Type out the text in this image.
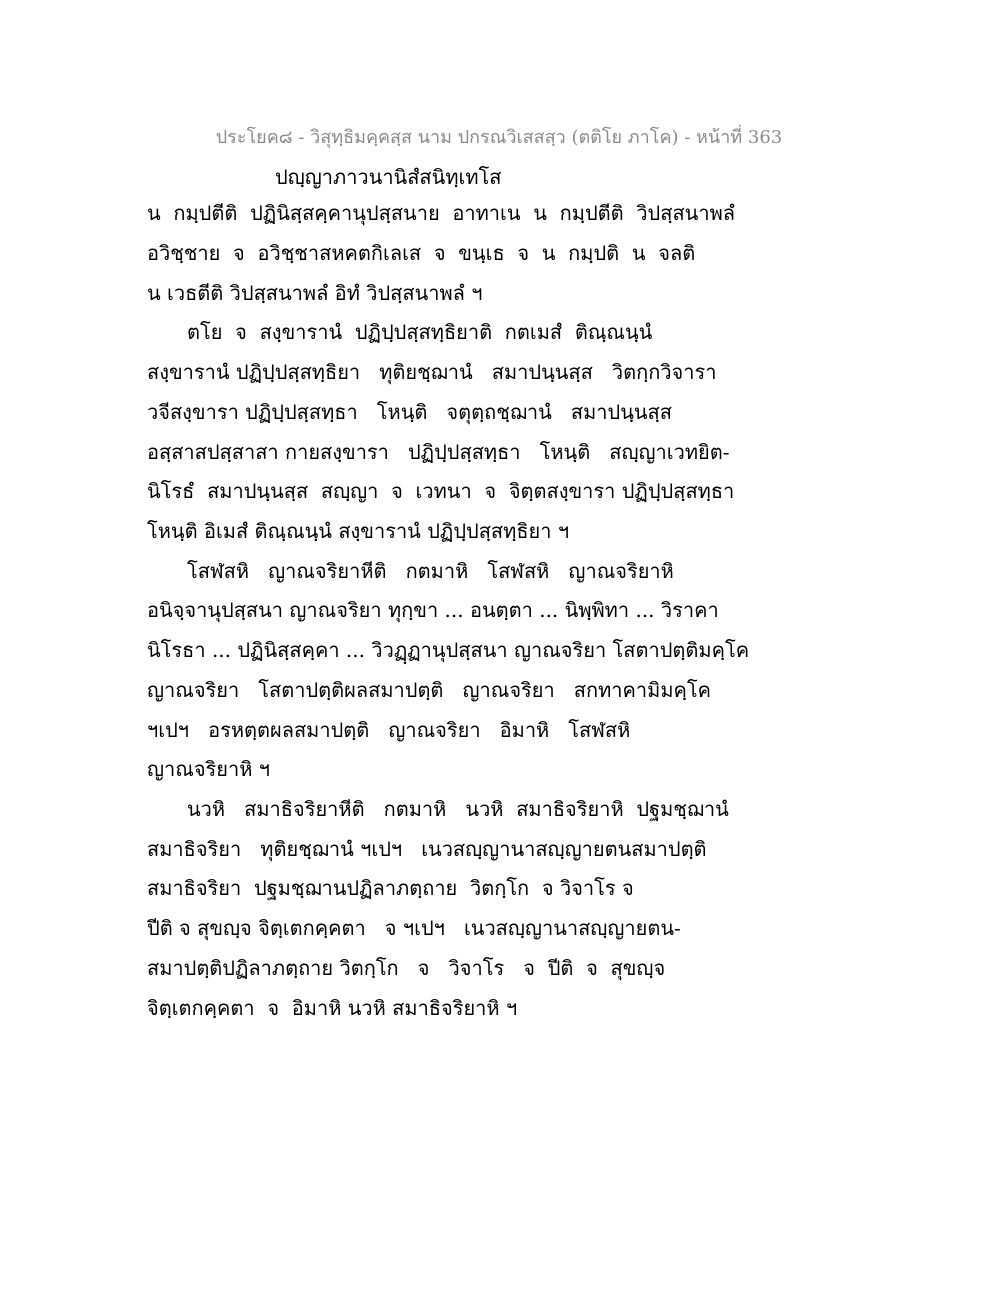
ประโยค๘ - วิสุทฺธิมคฺคสฺส นาม ปกรณวิเสสสฺว (ตติโย ภาโค) - หน้าที่ 363
ปญฺญาภาวนานิสํสนิทฺเทโส
น  กมฺปตีติ  ปฏินิสฺสคฺคานุปสฺสนาย  อาทาเน  น  กมฺปตีติ  วิปสฺสนาพลํ
อวิชฺชาย  จ  อวิชฺชาสหคตกิเลเส  จ  ขนฺเธ  จ  น  กมฺปติ  น  จลติ
น เวธตีติ วิปสฺสนาพลํ อิทํ วิปสฺสนาพลํ ฯ
ตโย  จ  สงฺขารานํ  ปฏิปฺปสฺสทฺธิยาติ  กตเมสํ  ติณฺณนฺนํ
สงฺขารานํ ปฏิปฺปสฺสทฺธิยา   ทุติยชฺฌานํ   สมาปนฺนสฺส   วิตกฺกวิจารา
วจีสงฺขารา ปฏิปฺปสฺสทฺธา   โหนฺติ   จตุตฺถชฺฌานํ   สมาปนฺนสฺส
อสฺสาสปสฺสาสา กายสงฺขารา   ปฏิปฺปสฺสทฺธา   โหนฺติ   สญฺญาเวทยิต-
นิโรธํ  สมาปนฺนสฺส  สญฺญา  จ  เวทนา  จ  จิตฺตสงฺขารา ปฏิปฺปสฺสทฺธา
โหนฺติ อิเมสํ ติณฺณนฺนํ สงฺขารานํ ปฏิปฺปสฺสทฺธิยา ฯ
โสฬสหิ   ญาณจริยาหีติ   กตมาหิ   โสฬสหิ   ญาณจริยาหิ
อนิจฺจานุปสฺสนา ญาณจริยา ทุกฺขา ... อนตฺตา ... นิพฺพิทา ... วิราคา
นิโรธา ... ปฏินิสฺสคฺคา ... วิวฏฺฏานุปสฺสนา ญาณจริยา โสตาปตฺติมคฺโค
ญาณจริยา   โสตาปตฺติผลสมาปตฺติ   ญาณจริยา   สกทาคามิมคฺโค
ฯเปฯ   อรหตฺตผลสมาปตฺติ   ญาณจริยา   อิมาหิ   โสฬสหิ
ญาณจริยาหิ ฯ
นวหิ   สมาธิจริยาหีติ   กตมาหิ   นวหิ  สมาธิจริยาหิ  ปฐมชฺฌานํ
สมาธิจริยา   ทุติยชฺฌานํ ฯเปฯ   เนวสญฺญานาสญฺญายตนสมาปตฺติ
สมาธิจริยา  ปฐมชฺฌานปฏิลาภตฺถาย  วิตกฺโก  จ วิจาโร จ
ปีติ จ สุขญฺจ จิตฺเตกคฺคตา   จ ฯเปฯ   เนวสญฺญานาสญฺญายตน-
สมาปตฺติปฏิลาภตฺถาย วิตกฺโก   จ   วิจาโร   จ  ปีติ  จ  สุขญฺจ
จิตฺเตกคฺคตา  จ  อิมาหิ นวหิ สมาธิจริยาหิ ฯ
